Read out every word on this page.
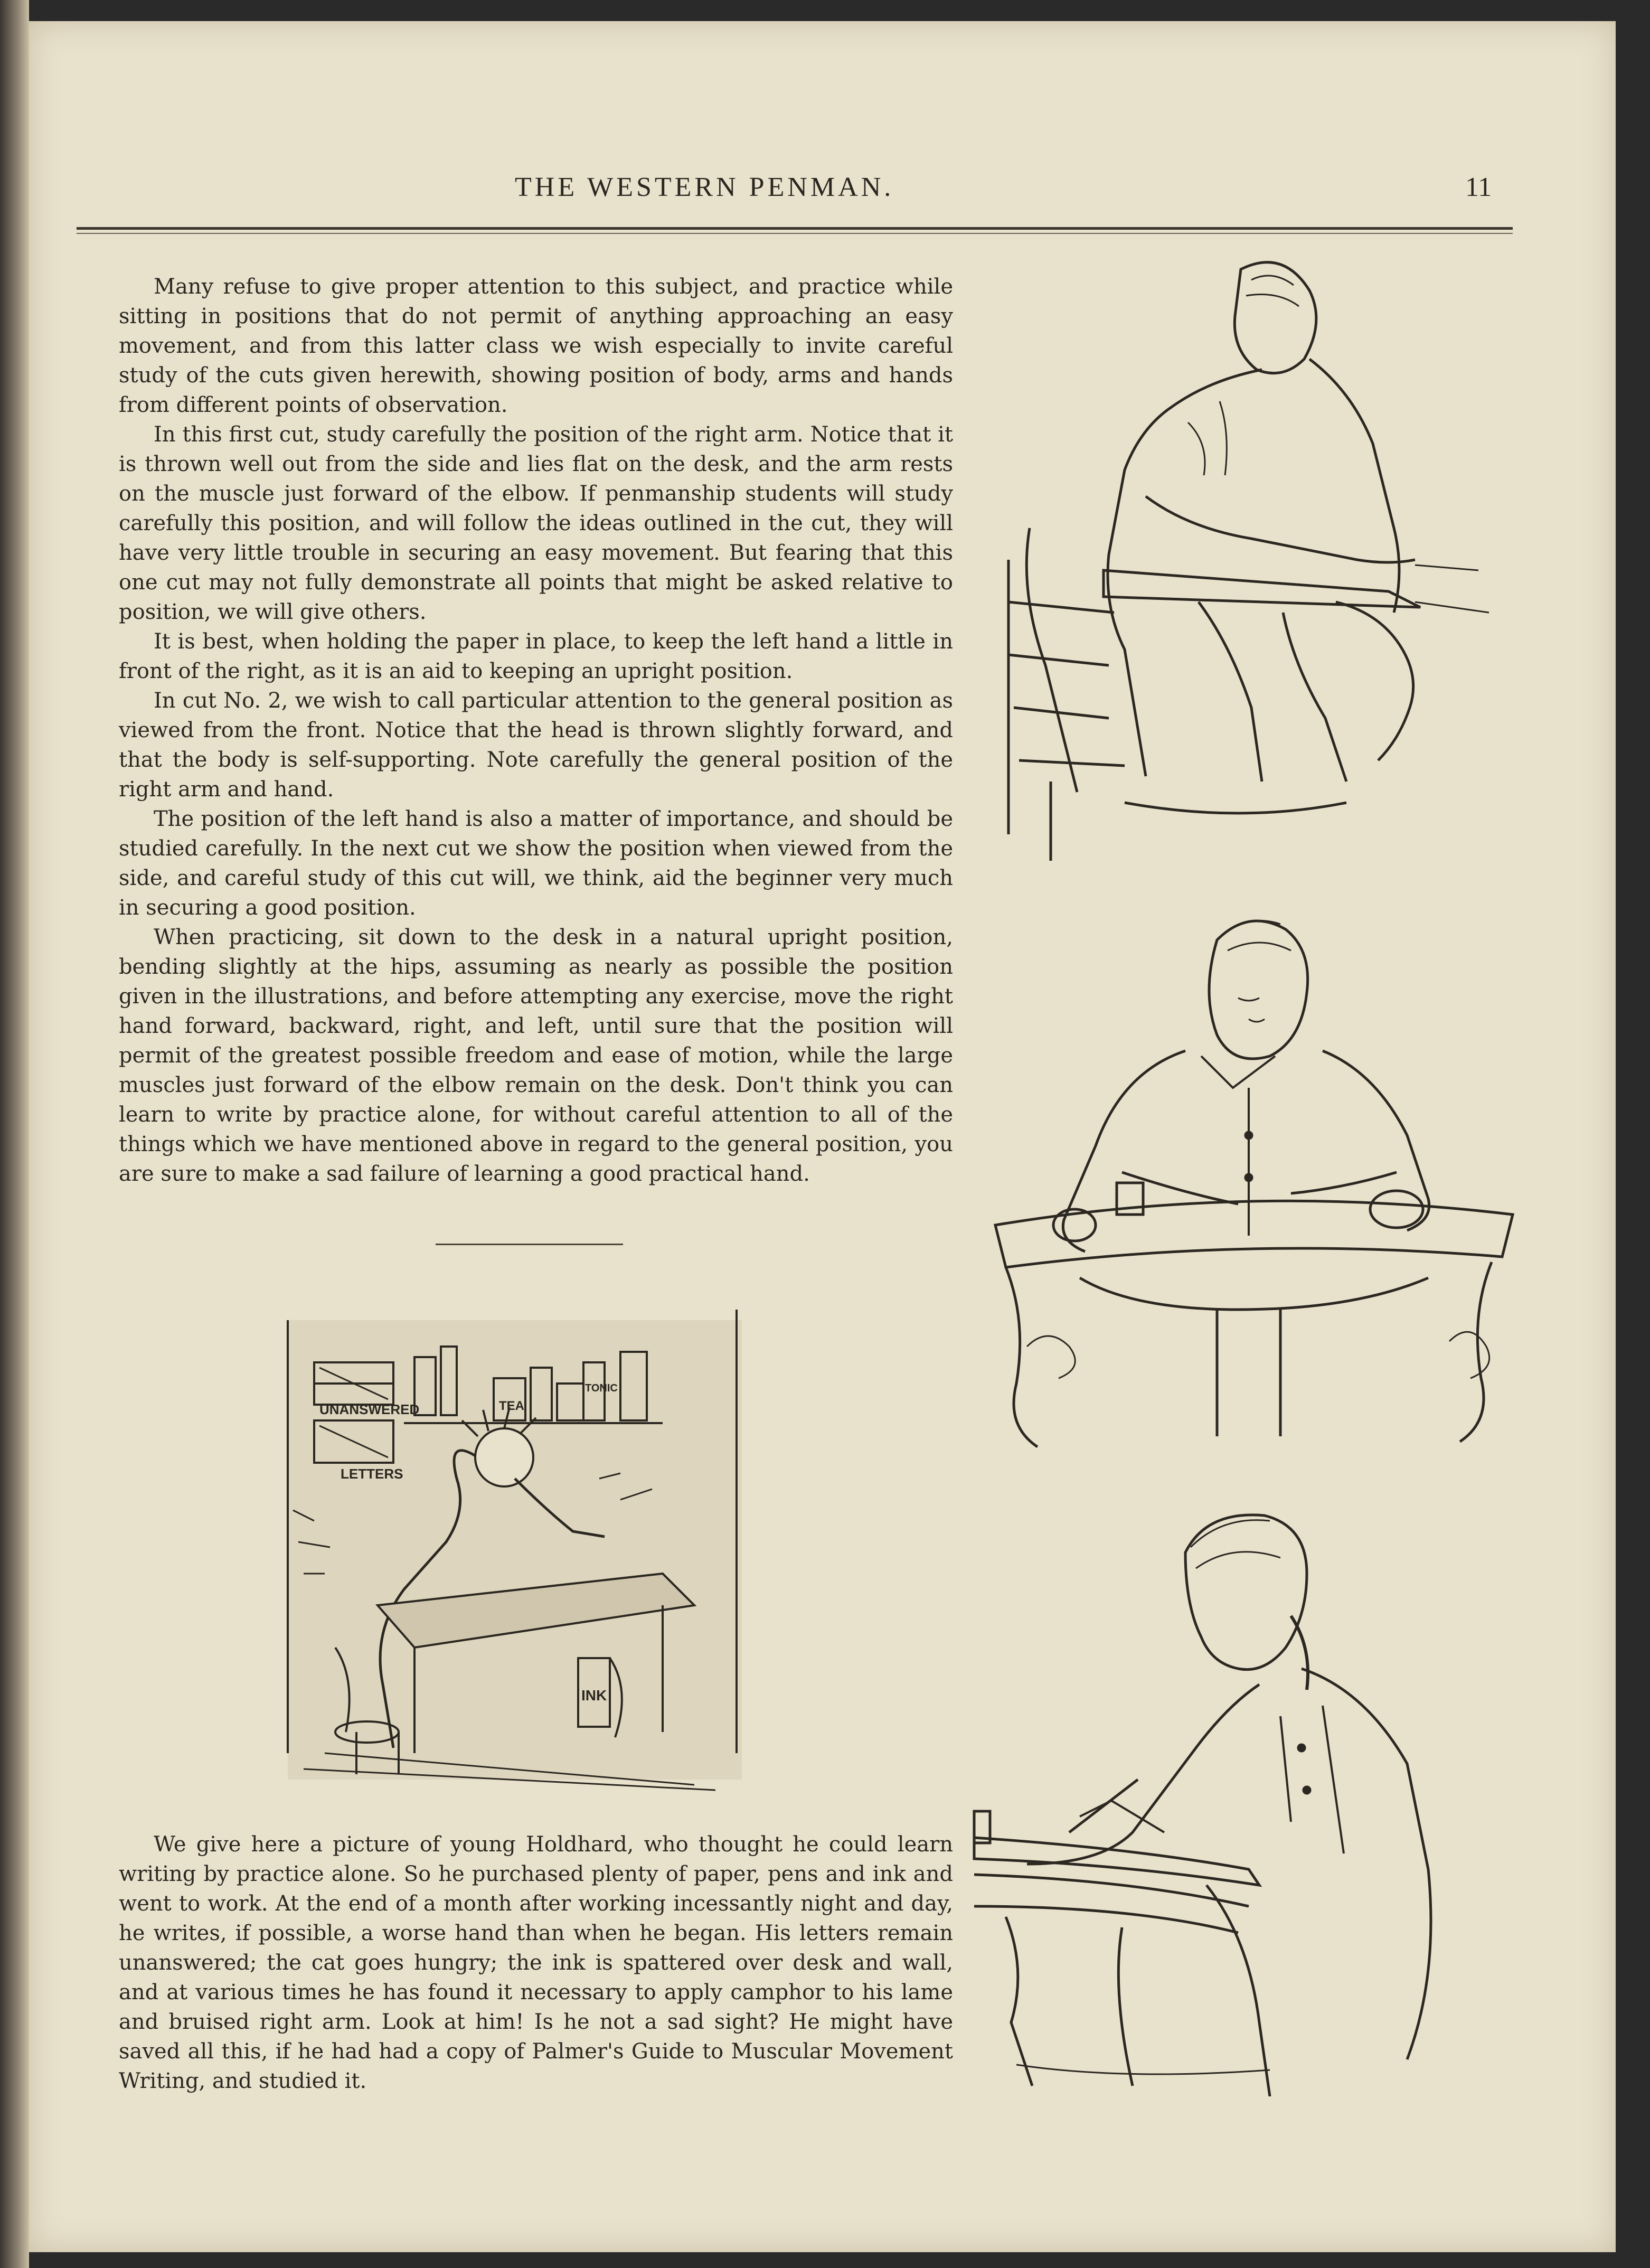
THE WESTERN PENMAN.	11

Many refuse to give proper attention to this subject, and practice while sitting in positions that do not permit of anything approaching an easy movement, and from this latter class we wish especially to invite careful study of the cuts given herewith, showing position of body, arms and hands from different points of observation.

In this first cut, study carefully the position of the right arm. Notice that it is thrown well out from the side and lies flat on the desk, and the arm rests on the muscle just forward of the elbow. If penmanship students will study carefully this position, and will follow the ideas outlined in the cut, they will have very little trouble in securing an easy movement. But fearing that this one cut may not fully demonstrate all points that might be asked relative to position, we will give others.

It is best, when holding the paper in place, to keep the left hand a little in front of the right, as it is an aid to keeping an upright position.

In cut No. 2, we wish to call particular attention to the general position as viewed from the front. Notice that the head is thrown slightly forward, and that the body is self-supporting. Note carefully the general position of the right arm and hand.

The position of the left hand is also a matter of importance, and should be studied carefully. In the next cut we show the position when viewed from the side, and careful study of this cut will, we think, aid the beginner very much in securing a good position.

When practicing, sit down to the desk in a natural upright position, bending slightly at the hips, assuming as nearly as possible the position given in the illustrations, and before attempting any exercise, move the right hand forward, backward, right, and left, until sure that the position will permit of the greatest possible freedom and ease of motion, while the large muscles just forward of the elbow remain on the desk. Don't think you can learn to write by practice alone, for without careful attention to all of the things which we have mentioned above in regard to the general position, you are sure to make a sad failure of learning a good practical hand.

UNANSWERED
LETTERS
TEA
TONIC
INK

We give here a picture of young Holdhard, who thought he could learn writing by practice alone. So he purchased plenty of paper, pens and ink and went to work. At the end of a month after working incessantly night and day, he writes, if possible, a worse hand than when he began. His letters remain unanswered; the cat goes hungry; the ink is spattered over desk and wall, and at various times he has found it necessary to apply camphor to his lame and bruised right arm. Look at him! Is he not a sad sight? He might have saved all this, if he had had a copy of Palmer's Guide to Muscular Movement Writing, and studied it.
